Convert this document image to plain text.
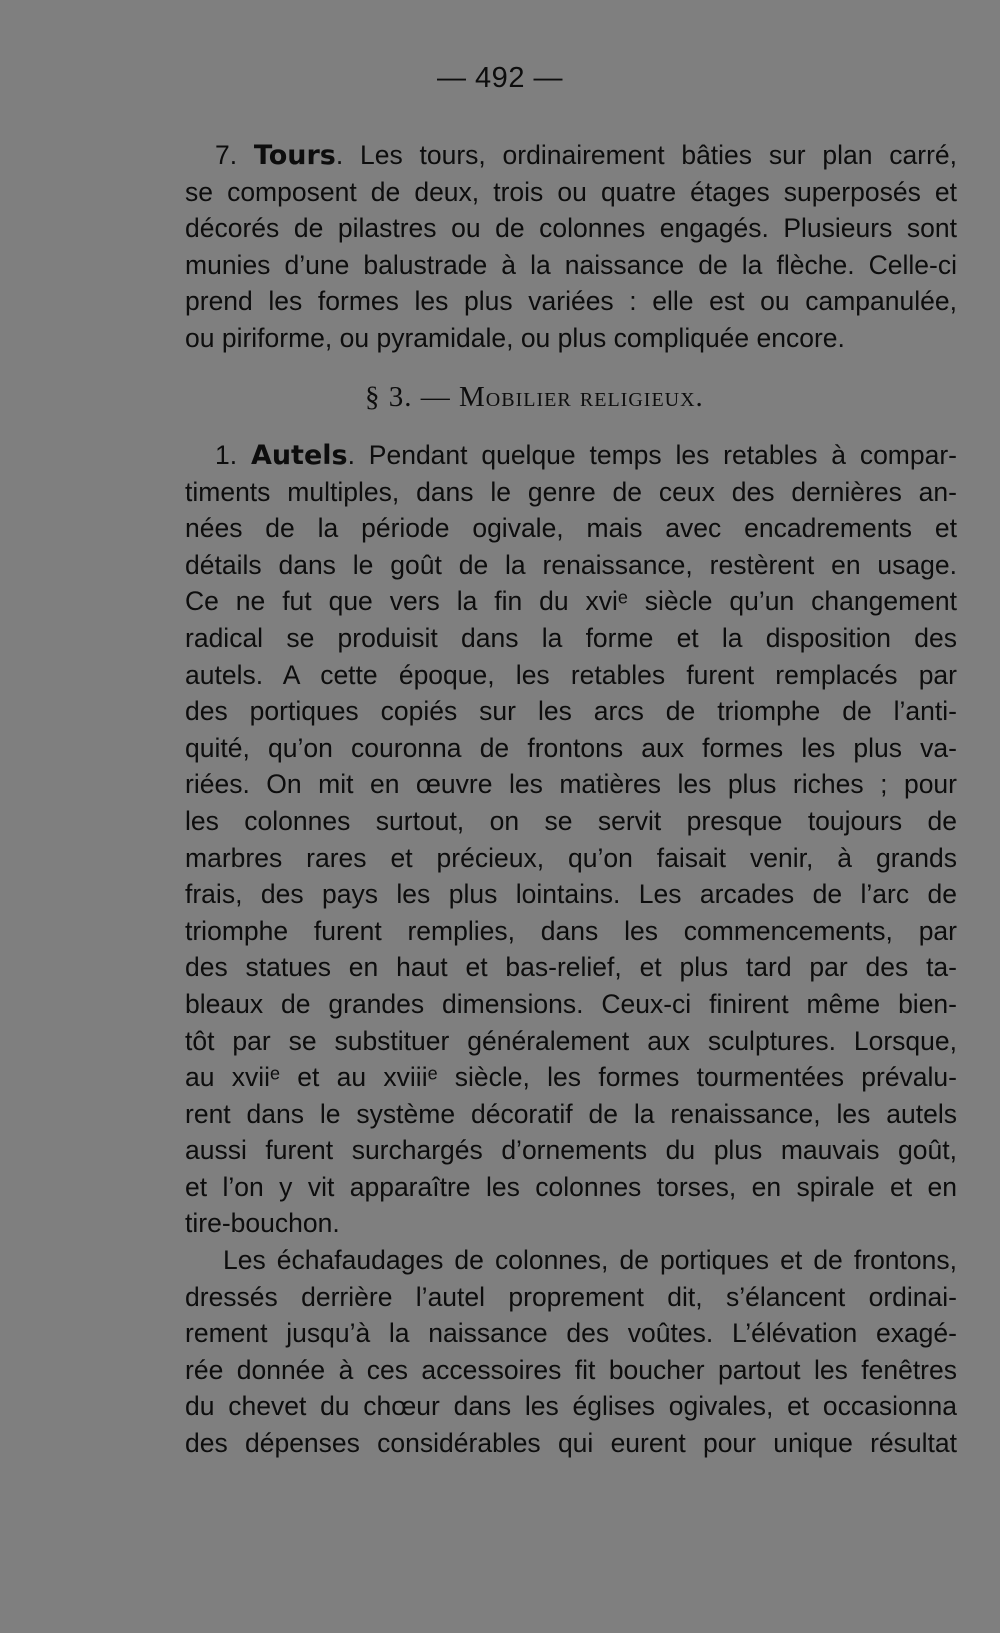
— 492 —
7. Tours. Les tours, ordinairement bâties sur plan carré,
se composent de deux, trois ou quatre étages superposés et
décorés de pilastres ou de colonnes engagés. Plusieurs sont
munies d’une balustrade à la naissance de la flèche. Celle-ci
prend les formes les plus variées : elle est ou campanulée,
ou piriforme, ou pyramidale, ou plus compliquée encore.
§ 3. — Mobilier religieux.
1. Autels. Pendant quelque temps les retables à compar-
timents multiples, dans le genre de ceux des dernières an-
nées de la période ogivale, mais avec encadrements et
détails dans le goût de la renaissance, restèrent en usage.
Ce ne fut que vers la fin du xviᵉ siècle qu’un changement
radical se produisit dans la forme et la disposition des
autels. A cette époque, les retables furent remplacés par
des portiques copiés sur les arcs de triomphe de l’anti-
quité, qu’on couronna de frontons aux formes les plus va-
riées. On mit en œuvre les matières les plus riches ; pour
les colonnes surtout, on se servit presque toujours de
marbres rares et précieux, qu’on faisait venir, à grands
frais, des pays les plus lointains. Les arcades de l’arc de
triomphe furent remplies, dans les commencements, par
des statues en haut et bas-relief, et plus tard par des ta-
bleaux de grandes dimensions. Ceux-ci finirent même bien-
tôt par se substituer généralement aux sculptures. Lorsque,
au xviiᵉ et au xviiiᵉ siècle, les formes tourmentées prévalu-
rent dans le système décoratif de la renaissance, les autels
aussi furent surchargés d’ornements du plus mauvais goût,
et l’on y vit apparaître les colonnes torses, en spirale et en
tire-bouchon.
Les échafaudages de colonnes, de portiques et de frontons,
dressés derrière l’autel proprement dit, s’élancent ordinai-
rement jusqu’à la naissance des voûtes. L’élévation exagé-
rée donnée à ces accessoires fit boucher partout les fenêtres
du chevet du chœur dans les églises ogivales, et occasionna
des dépenses considérables qui eurent pour unique résultat
